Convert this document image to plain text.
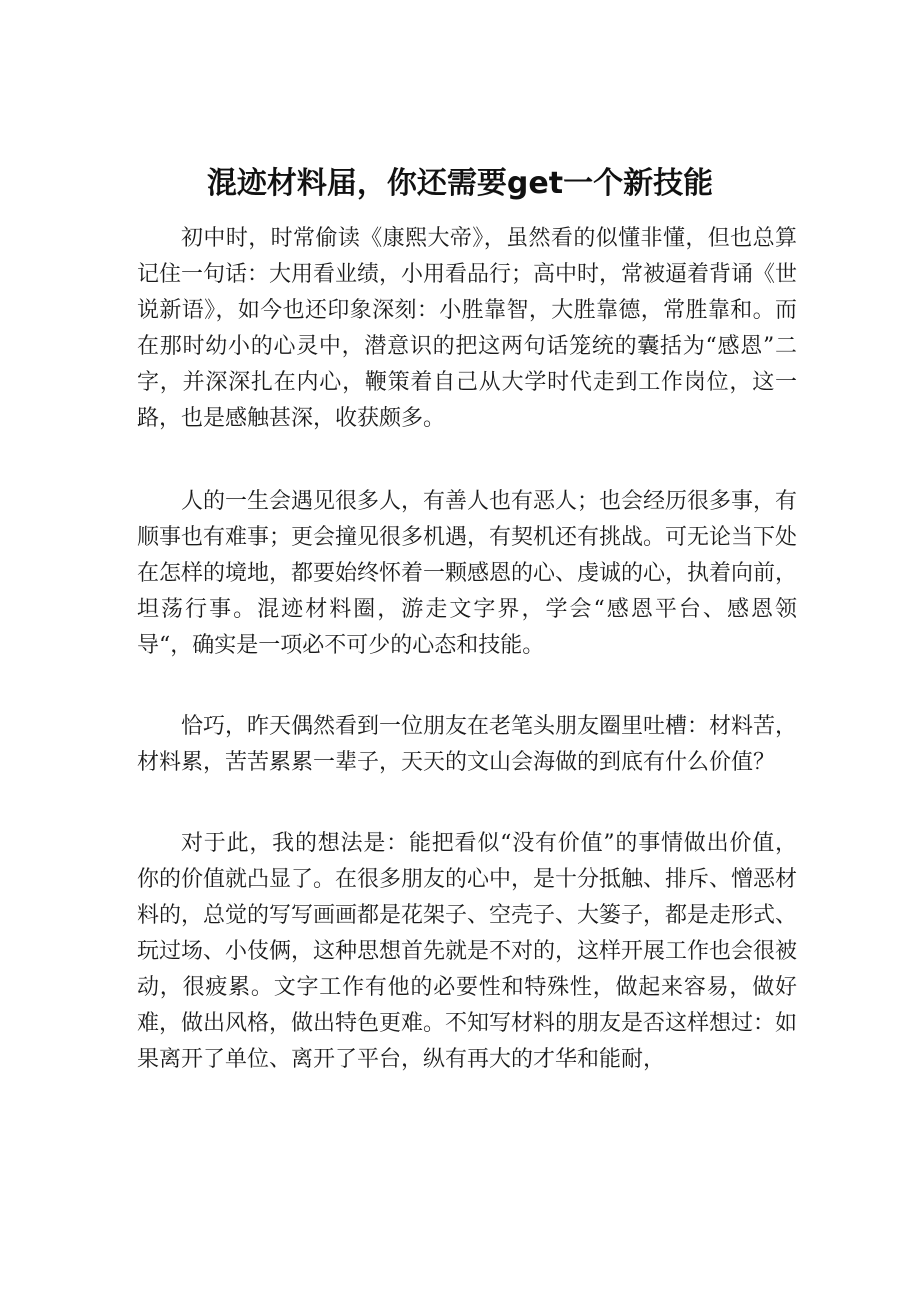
混迹材料届，你还需要get一个新技能

初中时，时常偷读《康熙大帝》，虽然看的似懂非懂，但也总算记住一句话：大用看业绩，小用看品行；高中时，常被逼着背诵《世说新语》，如今也还印象深刻：小胜靠智，大胜靠德，常胜靠和。而在那时幼小的心灵中，潜意识的把这两句话笼统的囊括为“感恩”二字，并深深扎在内心，鞭策着自己从大学时代走到工作岗位，这一路，也是感触甚深，收获颇多。

人的一生会遇见很多人，有善人也有恶人；也会经历很多事，有顺事也有难事；更会撞见很多机遇，有契机还有挑战。可无论当下处在怎样的境地，都要始终怀着一颗感恩的心、虔诚的心，执着向前，坦荡行事。混迹材料圈，游走文字界，学会“感恩平台、感恩领导“，确实是一项必不可少的心态和技能。

恰巧，昨天偶然看到一位朋友在老笔头朋友圈里吐槽：材料苦，材料累，苦苦累累一辈子，天天的文山会海做的到底有什么价值？

对于此，我的想法是：能把看似“没有价值”的事情做出价值，你的价值就凸显了。在很多朋友的心中，是十分抵触、排斥、憎恶材料的，总觉的写写画画都是花架子、空壳子、大篓子，都是走形式、玩过场、小伎俩，这种思想首先就是不对的，这样开展工作也会很被动，很疲累。文字工作有他的必要性和特殊性，做起来容易，做好难，做出风格，做出特色更难。不知写材料的朋友是否这样想过：如果离开了单位、离开了平台，纵有再大的才华和能耐，
